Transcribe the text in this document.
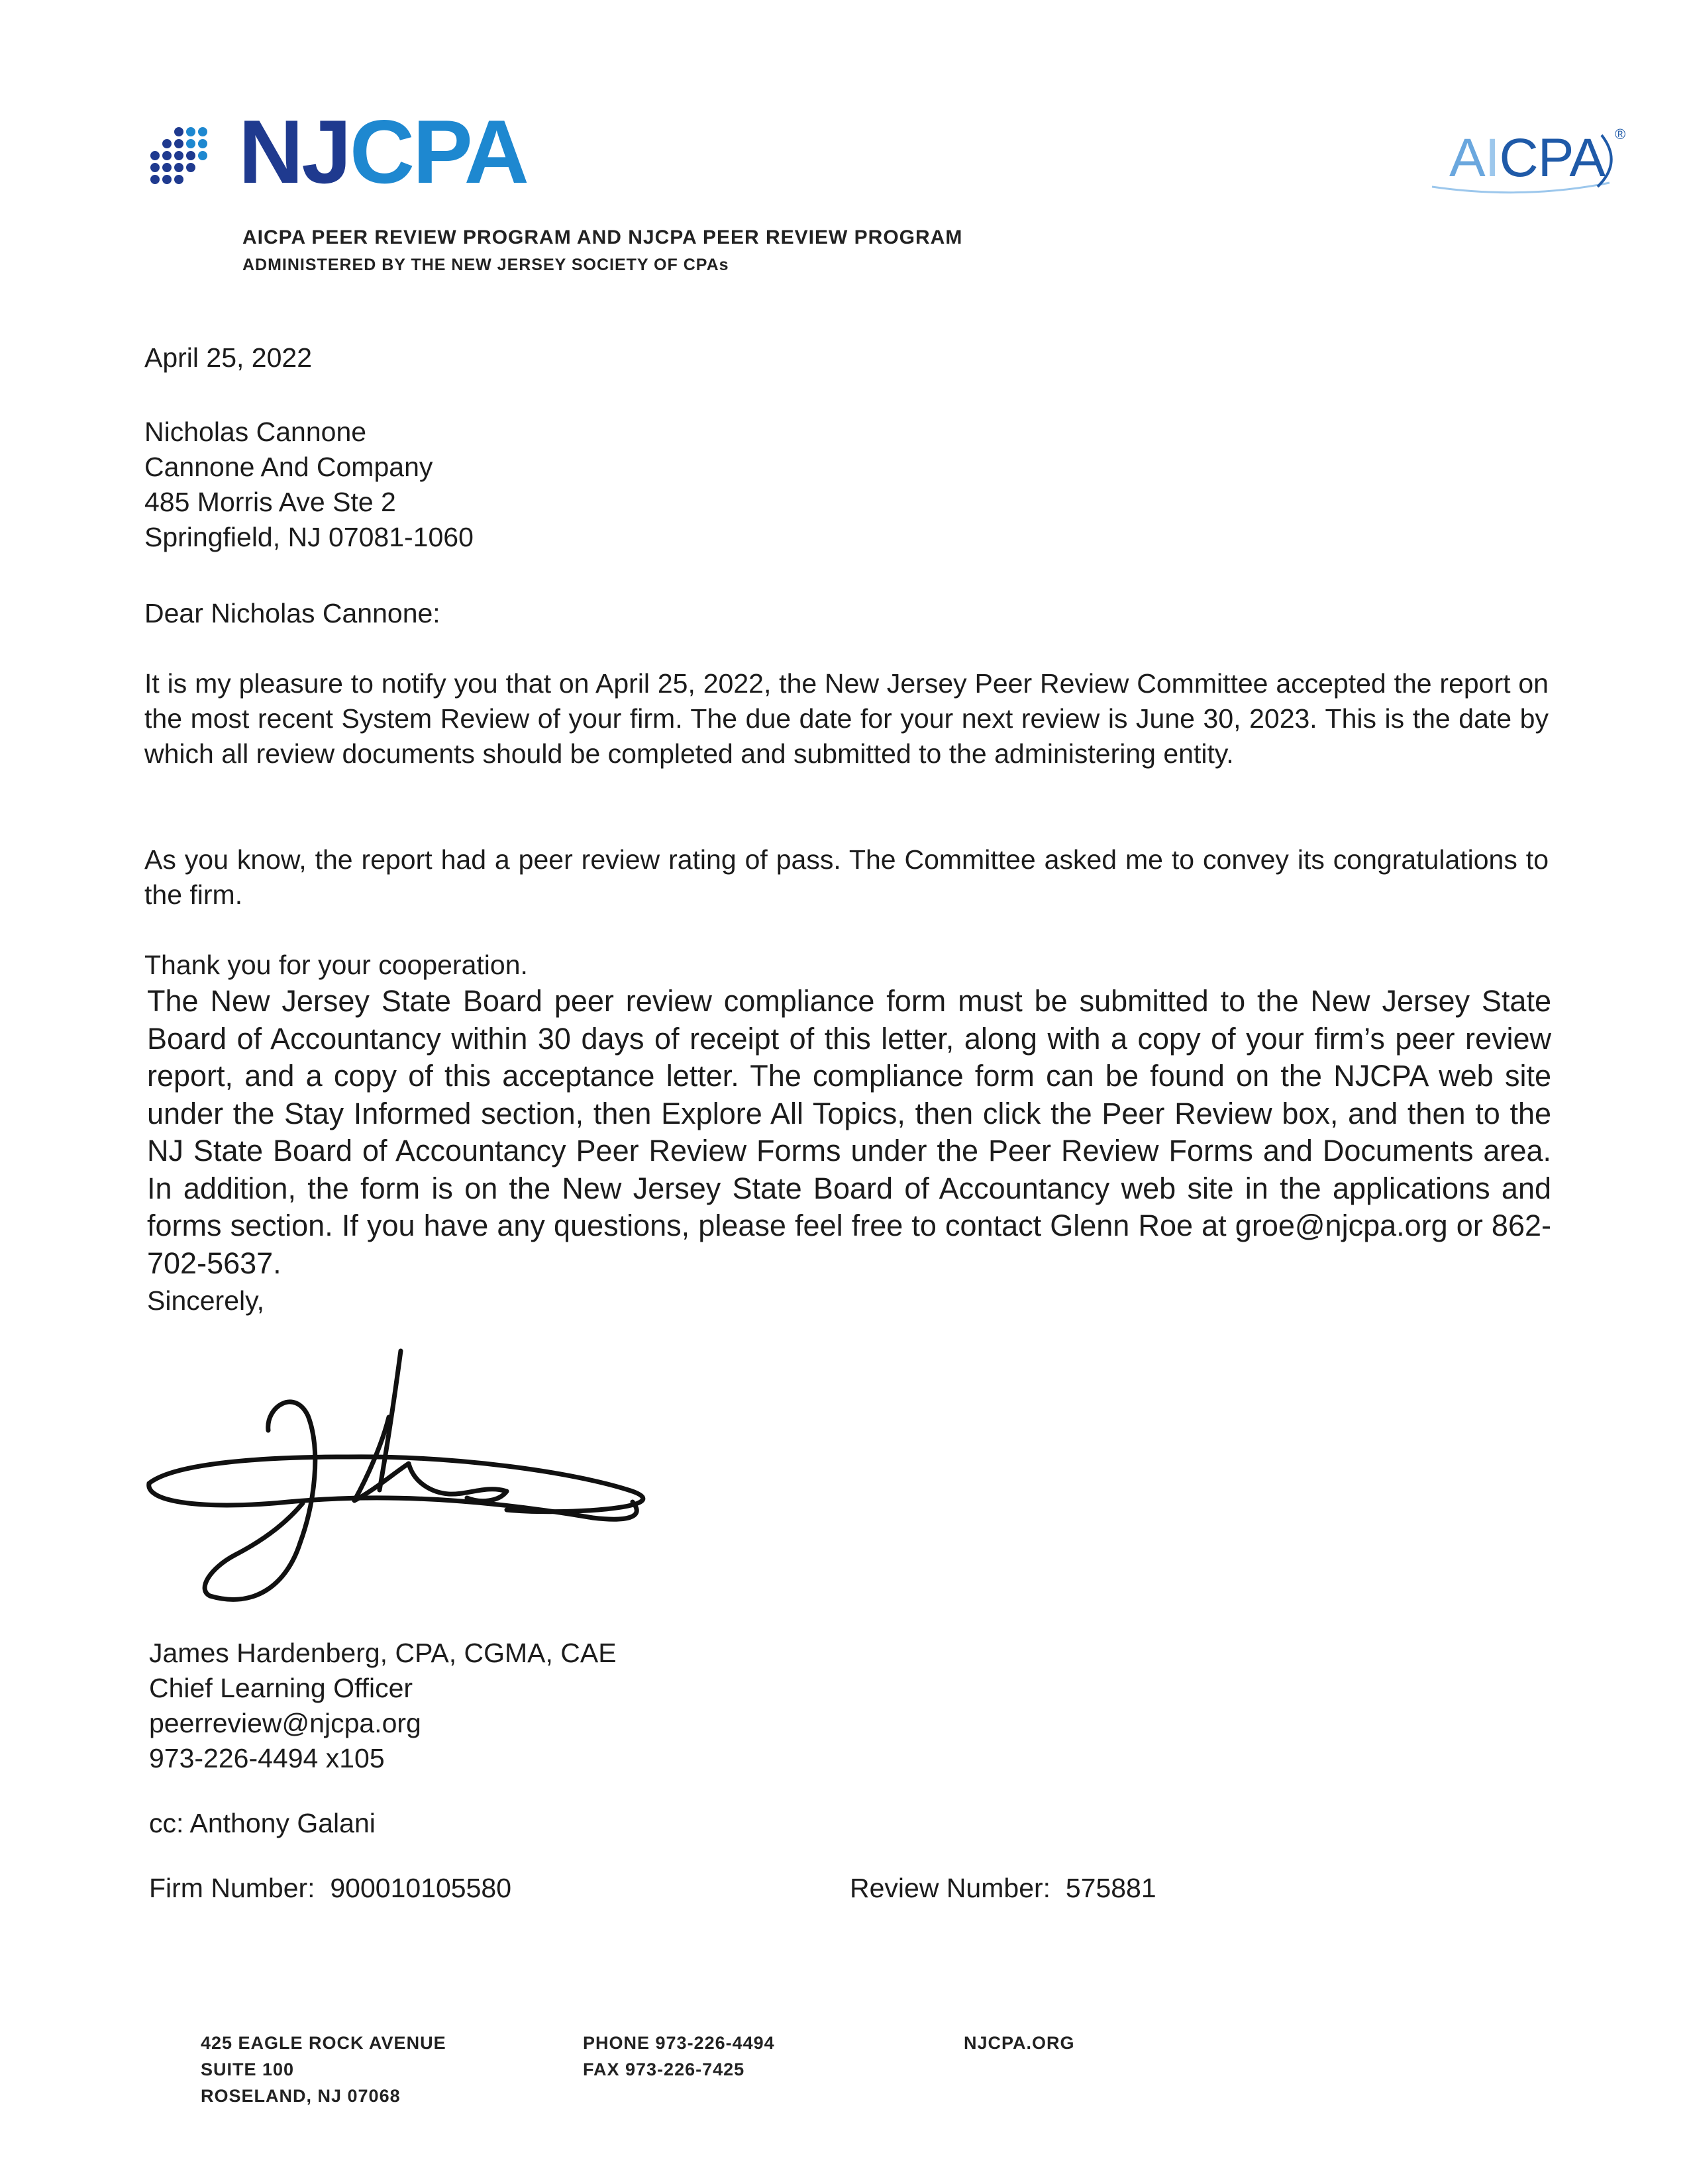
NJCPA	AICPA ®
AICPA PEER REVIEW PROGRAM AND NJCPA PEER REVIEW PROGRAM
ADMINISTERED BY THE NEW JERSEY SOCIETY OF CPAs
April 25, 2022
Nicholas Cannone
Cannone And Company
485 Morris Ave Ste 2
Springfield, NJ 07081-1060
Dear Nicholas Cannone:

It is my pleasure to notify you that on April 25, 2022, the New Jersey Peer Review Committee accepted the report on the most recent System Review of your firm. The due date for your next review is June 30, 2023. This is the date by which all review documents should be completed and submitted to the administering entity.

As you know, the report had a peer review rating of pass. The Committee asked me to convey its congratulations to the firm.

Thank you for your cooperation.

The New Jersey State Board peer review compliance form must be submitted to the New Jersey State Board of Accountancy within 30 days of receipt of this letter, along with a copy of your firm’s peer review report, and a copy of this acceptance letter. The compliance form can be found on the NJCPA web site under the Stay Informed section, then Explore All Topics, then click the Peer Review box, and then to the NJ State Board of Accountancy Peer Review Forms under the Peer Review Forms and Documents area. In addition, the form is on the New Jersey State Board of Accountancy web site in the applications and forms section. If you have any questions, please feel free to contact Glenn Roe at groe@njcpa.org or 862-702-5637.

Sincerely,
James Hardenberg, CPA, CGMA, CAE
Chief Learning Officer
peerreview@njcpa.org
973-226-4494 x105
cc: Anthony Galani
Firm Number: 900010105580	Review Number: 575881
425 EAGLE ROCK AVENUE
SUITE 100
ROSELAND, NJ 07068
PHONE 973-226-4494
FAX 973-226-7425
NJCPA.ORG
